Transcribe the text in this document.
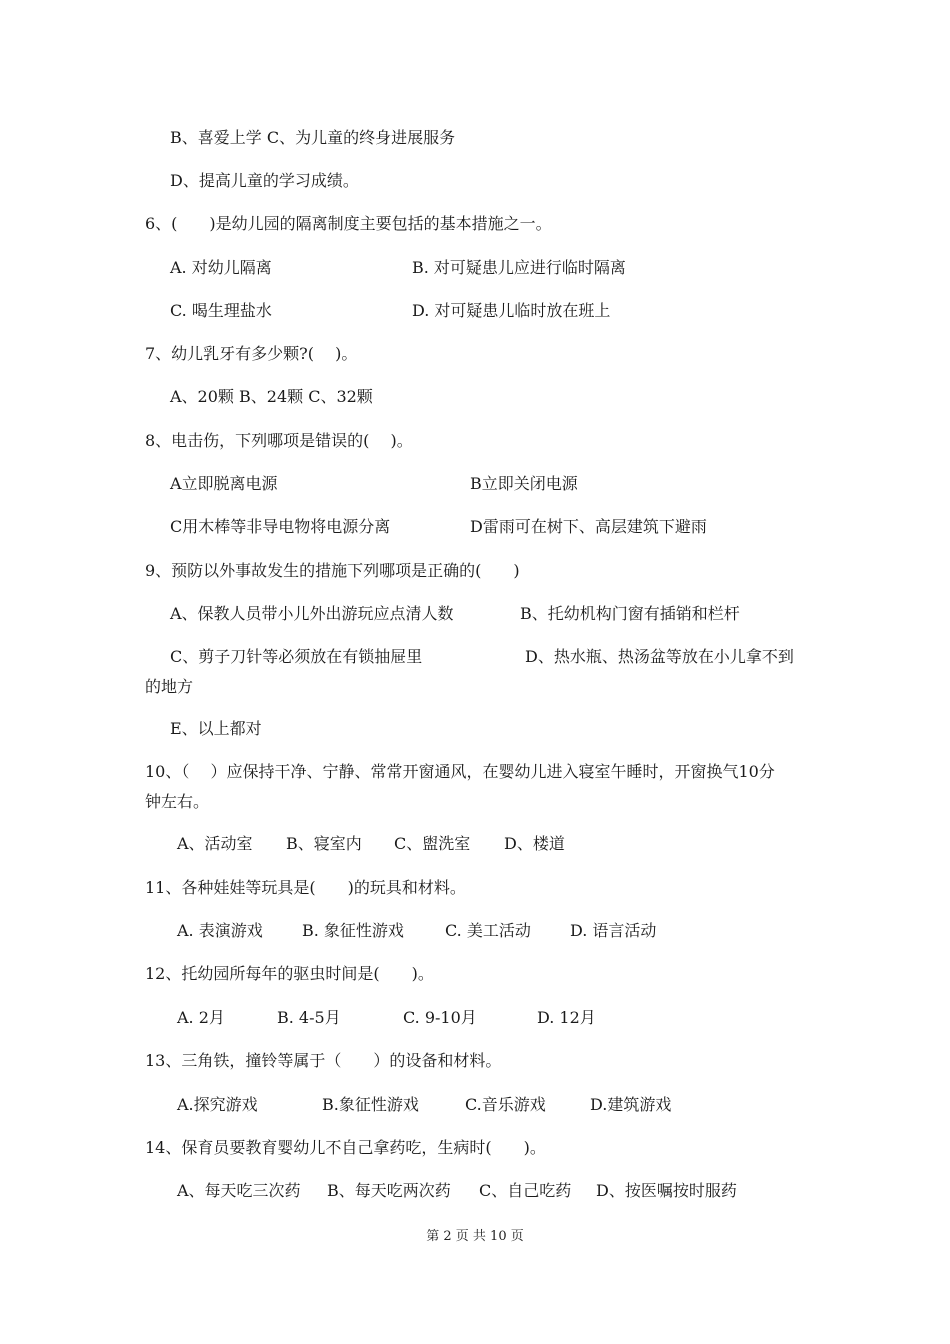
B、喜爱上学 C、为儿童的终身进展服务
D、提高儿童的学习成绩。
6、(　　)是幼儿园的隔离制度主要包括的基本措施之一。
A. 对幼儿隔离	B. 对可疑患儿应进行临时隔离
C. 喝生理盐水	D. 对可疑患儿临时放在班上
7、幼儿乳牙有多少颗?(　 )。
A、20颗 B、24颗 C、32颗
8、电击伤，下列哪项是错误的(　 )。
A立即脱离电源	B立即关闭电源
C用木棒等非导电物将电源分离	D雷雨可在树下、高层建筑下避雨
9、预防以外事故发生的措施下列哪项是正确的(　　)
A、保教人员带小儿外出游玩应点清人数	B、托幼机构门窗有插销和栏杆
C、剪子刀针等必须放在有锁抽屉里	D、热水瓶、热汤盆等放在小儿拿不到
的地方
E、以上都对
10、（　 ）应保持干净、宁静、常常开窗通风，在婴幼儿进入寝室午睡时，开窗换气10分
钟左右。
A、活动室 B、寝室内 C、盥洗室 D、楼道
11、各种娃娃等玩具是(　　)的玩具和材料。
A. 表演游戏 B. 象征性游戏	C. 美工活动 D. 语言活动
12、托幼园所每年的驱虫时间是(　　)。
A. 2月	B. 4-5月	C. 9-10月	D. 12月
13、三角铁，撞铃等属于（　　）的设备和材料。
A.探究游戏	B.象征性游戏	C.音乐游戏	D.建筑游戏
14、保育员要教育婴幼儿不自己拿药吃，生病时(　　)。
A、每天吃三次药 B、每天吃两次药 C、自己吃药 D、按医嘱按时服药
第 2 页 共 10 页
